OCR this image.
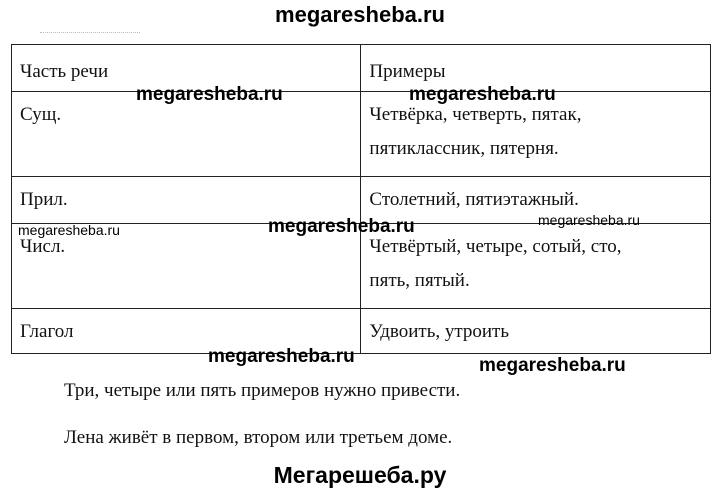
megaresheba.ru
Часть речи	Примеры
Сущ.	Четвёрка, четверть, пятак,
пятиклассник, пятерня.

Прил.	Столетний, пятиэтажный.

Числ.	Четвёртый, четыре, сотый, сто,
пять, пятый.

Глагол	Удвоить, утроить
Три, четыре или пять примеров нужно привести.
Лена живёт в первом, втором или третьем доме.
megaresheba.ru	megaresheba.ru
megaresheba.ru
megaresheba.ru
megaresheba.ru
megaresheba.ru	megaresheba.ru
Мегарешеба.ру
